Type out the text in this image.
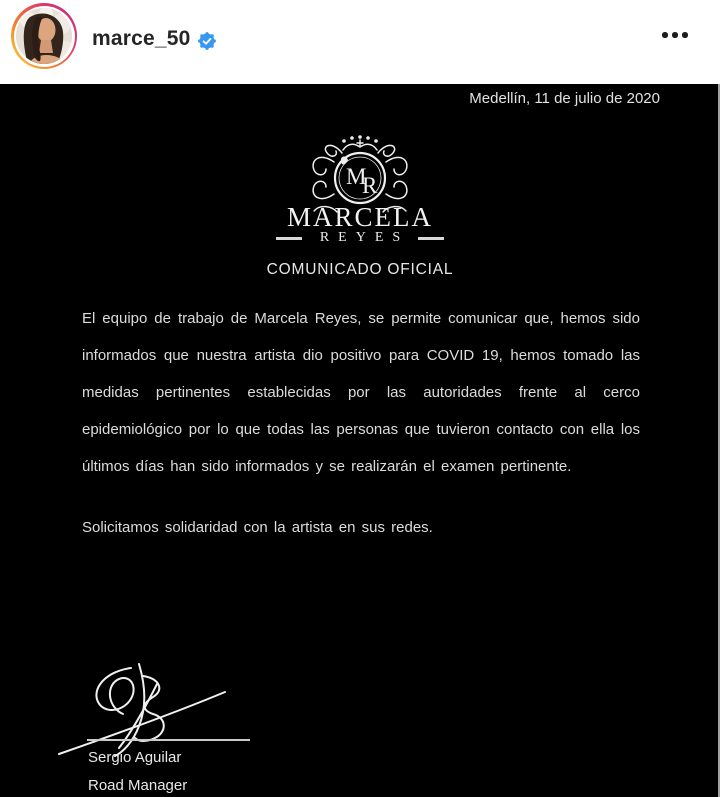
marce_50
Medellín, 11 de julio de 2020
M
R
MARCELA
REYES
COMUNICADO OFICIAL

El equipo de trabajo de Marcela Reyes, se permite comunicar que, hemos sido informados que nuestra artista dio positivo para COVID 19, hemos tomado las medidas pertinentes establecidas por las autoridades frente al cerco epidemiológico por lo que todas las personas que tuvieron contacto con ella los últimos días han sido informados y se realizarán el examen pertinente.

Solicitamos solidaridad con la artista en sus redes.

Sergio Aguilar
Road Manager
